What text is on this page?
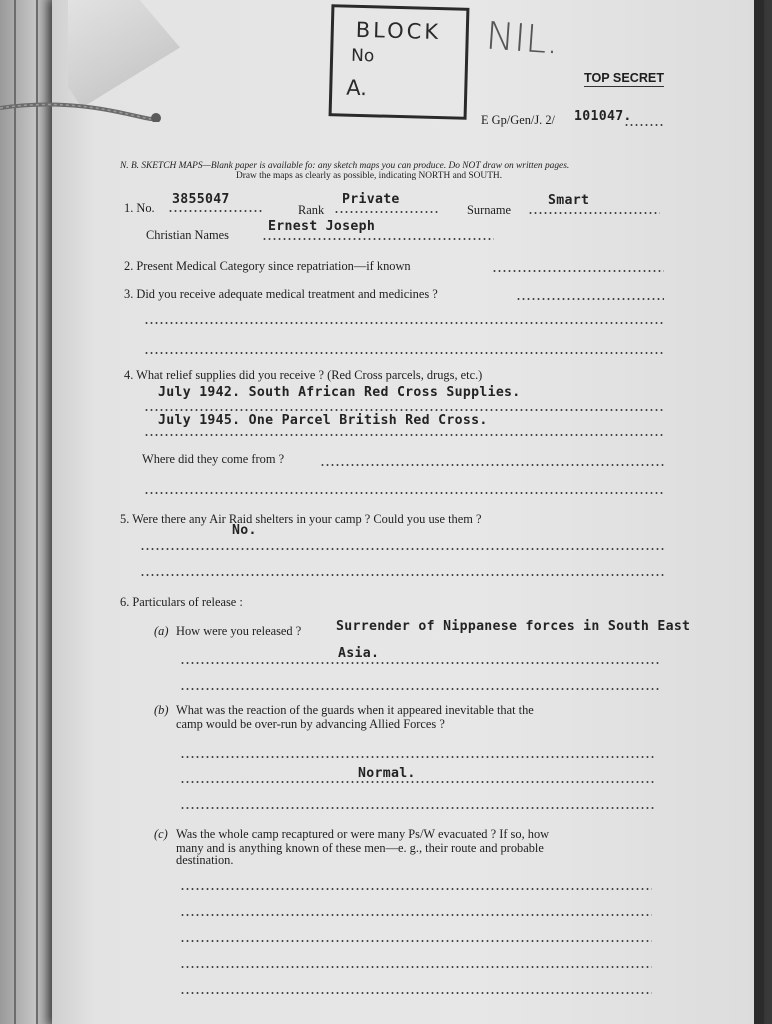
BLOCK
No
A.
NIL.
TOP SECRET
E Gp/Gen/J. 2/ 101047.
N. B. SKETCH MAPS—Blank paper is available fo: any sketch maps you can produce. Do NOT draw on written pages.
Draw the maps as clearly as possible, indicating NORTH and SOUTH.
1. No.
3855047
Rank
Private
Surname
Smart
Christian Names
Ernest Joseph
2. Present Medical Category since repatriation—if known
3. Did you receive adequate medical treatment and medicines ?
4. What relief supplies did you receive ? (Red Cross parcels, drugs, etc.)
July 1942. South African Red Cross Supplies.
July 1945. One Parcel British Red Cross.
Where did they come from ?
5. Were there any Air Raid shelters in your camp ? Could you use them ?
No.
6. Particulars of release :
(a) How were you released ?	Surrender of Nippanese forces in South East
Asia.
(b) What was the reaction of the guards when it appeared inevitable that the
camp would be over-run by advancing Allied Forces ?
Normal.
(c) Was the whole camp recaptured or were many Ps/W evacuated ? If so, how
many and is anything known of these men—e. g., their route and probable
destination.
